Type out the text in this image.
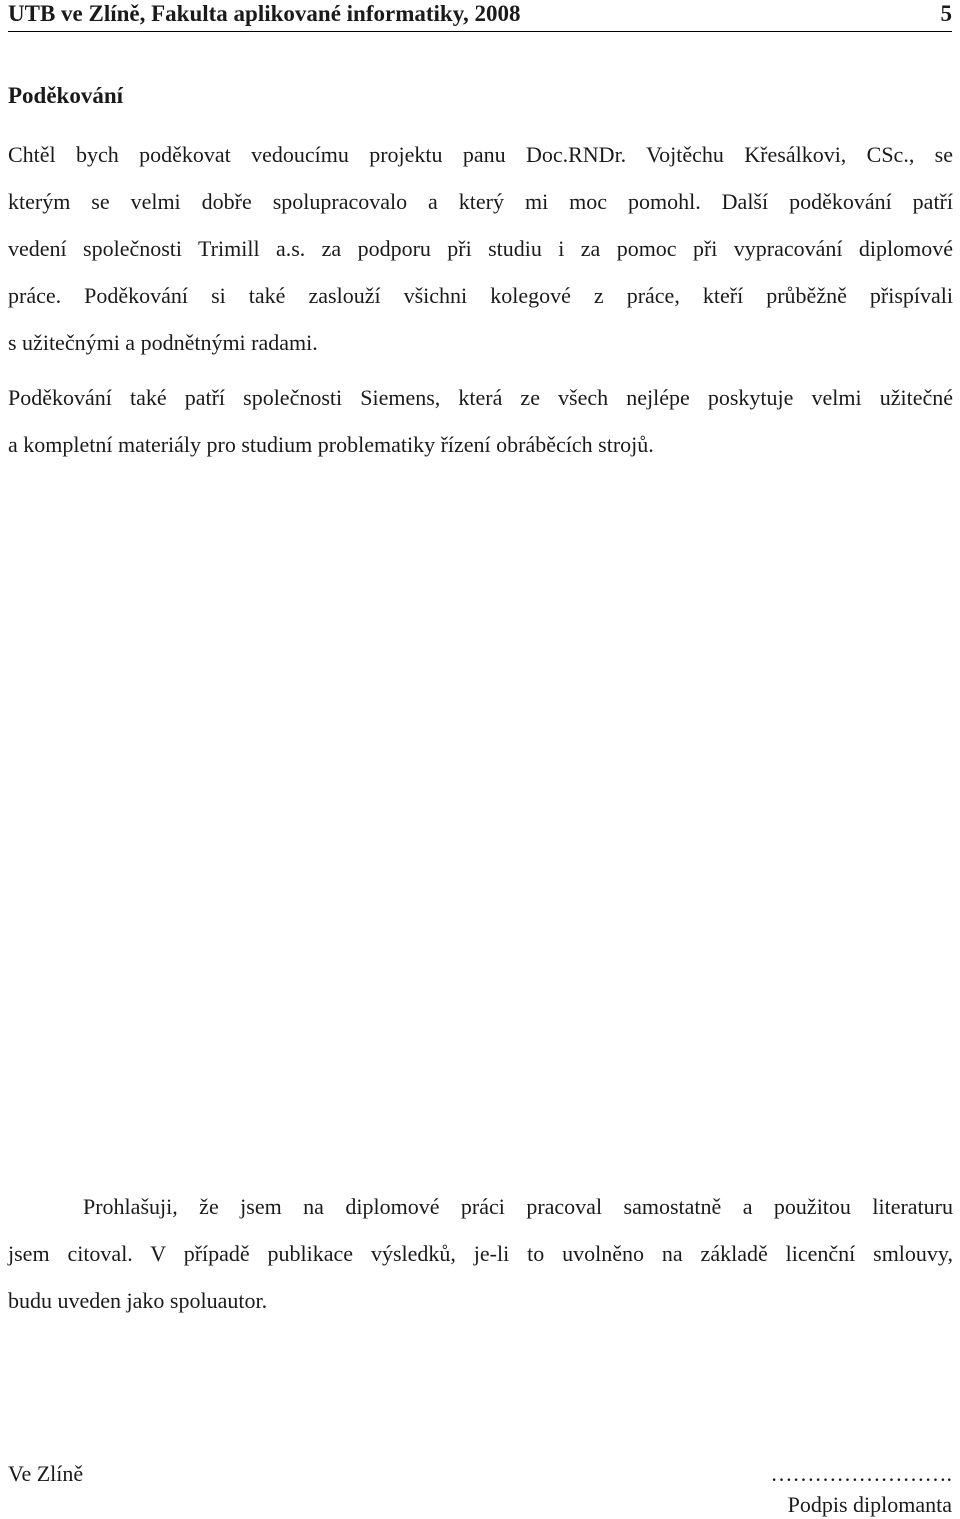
UTB ve Zlíně, Fakulta aplikované informatiky, 2008	5
Poděkování

Chtěl bych poděkovat vedoucímu projektu panu Doc.RNDr. Vojtěchu Křesálkovi, CSc., se
kterým se velmi dobře spolupracovalo a který mi moc pomohl. Další poděkování patří
vedení společnosti Trimill a.s. za podporu při studiu i za pomoc při vypracování diplomové
práce. Poděkování si také zaslouží všichni kolegové z práce, kteří průběžně přispívali
s užitečnými a podnětnými radami.

Poděkování také patří společnosti Siemens, která ze všech nejlépe poskytuje velmi užitečné
a kompletní materiály pro studium problematiky řízení obráběcích strojů.

Prohlašuji, že jsem na diplomové práci pracoval samostatně a použitou literaturu
jsem citoval. V případě publikace výsledků, je-li to uvolněno na základě licenční smlouvy,
budu uveden jako spoluautor.

Ve Zlíně	…………………….
Podpis diplomanta
